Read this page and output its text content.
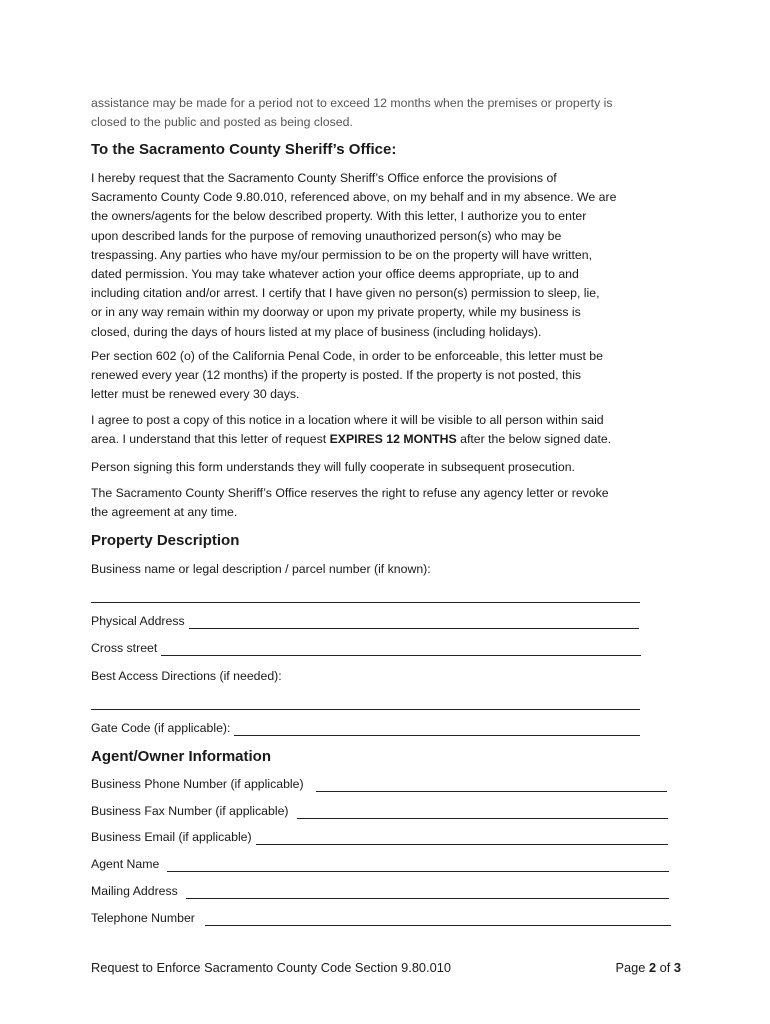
assistance may be made for a period not to exceed 12 months when the premises or property is
closed to the public and posted as being closed.
To the Sacramento County Sheriff’s Office:
I hereby request that the Sacramento County Sheriff’s Office enforce the provisions of
Sacramento County Code 9.80.010, referenced above, on my behalf and in my absence. We are
the owners/agents for the below described property. With this letter, I authorize you to enter
upon described lands for the purpose of removing unauthorized person(s) who may be
trespassing. Any parties who have my/our permission to be on the property will have written,
dated permission. You may take whatever action your office deems appropriate, up to and
including citation and/or arrest. I certify that I have given no person(s) permission to sleep, lie,
or in any way remain within my doorway or upon my private property, while my business is
closed, during the days of hours listed at my place of business (including holidays).
Per section 602 (o) of the California Penal Code, in order to be enforceable, this letter must be
renewed every year (12 months) if the property is posted. If the property is not posted, this
letter must be renewed every 30 days.
I agree to post a copy of this notice in a location where it will be visible to all person within said
area. I understand that this letter of request EXPIRES 12 MONTHS after the below signed date.
Person signing this form understands they will fully cooperate in subsequent prosecution.
The Sacramento County Sheriff’s Office reserves the right to refuse any agency letter or revoke
the agreement at any time.
Property Description
Business name or legal description / parcel number (if known):
Physical Address
Cross street
Best Access Directions (if needed):
Gate Code (if applicable):
Agent/Owner Information
Business Phone Number (if applicable)
Business Fax Number (if applicable)
Business Email (if applicable)
Agent Name
Mailing Address
Telephone Number
Request to Enforce Sacramento County Code Section 9.80.010	Page 2 of 3
